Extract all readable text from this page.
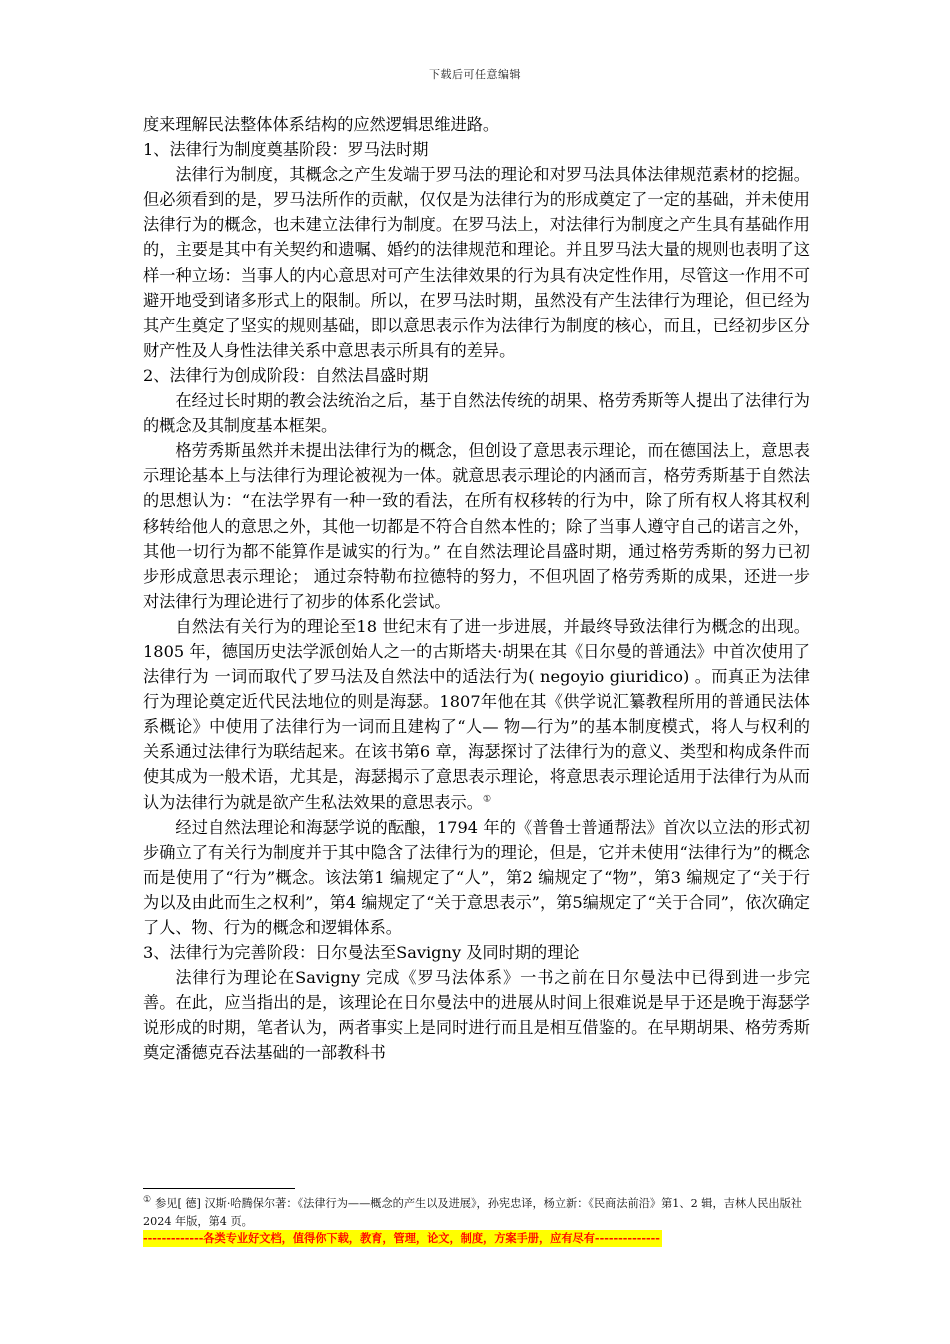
下载后可任意编辑

度来理解民法整体体系结构的应然逻辑思维进路。

1、法律行为制度奠基阶段：罗马法时期

法律行为制度，其概念之产生发端于罗马法的理论和对罗马法具体法律规范素材的挖掘。但必须看到的是，罗马法所作的贡献，仅仅是为法律行为的形成奠定了一定的基础，并未使用法律行为的概念，也未建立法律行为制度。在罗马法上，对法律行为制度之产生具有基础作用的，主要是其中有关契约和遗嘱、婚约的法律规范和理论。并且罗马法大量的规则也表明了这样一种立场：当事人的内心意思对可产生法律效果的行为具有决定性作用，尽管这一作用不可避开地受到诸多形式上的限制。所以，在罗马法时期，虽然没有产生法律行为理论，但已经为其产生奠定了坚实的规则基础，即以意思表示作为法律行为制度的核心，而且，已经初步区分财产性及人身性法律关系中意思表示所具有的差异。

2、法律行为创成阶段：自然法昌盛时期

在经过长时期的教会法统治之后，基于自然法传统的胡果、格劳秀斯等人提出了法律行为的概念及其制度基本框架。

格劳秀斯虽然并未提出法律行为的概念，但创设了意思表示理论，而在德国法上，意思表示理论基本上与法律行为理论被视为一体。就意思表示理论的内涵而言，格劳秀斯基于自然法的思想认为：“在法学界有一种一致的看法，在所有权移转的行为中，除了所有权人将其权利移转给他人的意思之外，其他一切都是不符合自然本性的；除了当事人遵守自己的诺言之外，其他一切行为都不能算作是诚实的行为。” 在自然法理论昌盛时期，通过格劳秀斯的努力已初步形成意思表示理论； 通过奈特勒布拉德特的努力，不但巩固了格劳秀斯的成果，还进一步对法律行为理论进行了初步的体系化尝试。

自然法有关行为的理论至18 世纪末有了进一步进展，并最终导致法律行为概念的出现。1805 年，德国历史法学派创始人之一的古斯塔夫·胡果在其《日尔曼的普通法》中首次使用了法律行为 一词而取代了罗马法及自然法中的适法行为( negoyio giuridico) 。而真正为法律行为理论奠定近代民法地位的则是海瑟。1807年他在其《供学说汇纂教程所用的普通民法体系概论》中使用了法律行为一词而且建构了“人— 物—行为”的基本制度模式，将人与权利的关系通过法律行为联结起来。在该书第6 章，海瑟探讨了法律行为的意义、类型和构成条件而使其成为一般术语，尤其是，海瑟揭示了意思表示理论，将意思表示理论适用于法律行为从而认为法律行为就是欲产生私法效果的意思表示。①

经过自然法理论和海瑟学说的酝酿，1794 年的《普鲁士普通帮法》首次以立法的形式初步确立了有关行为制度并于其中隐含了法律行为的理论，但是，它并未使用“法律行为”的概念而是使用了“行为”概念。该法第1 编规定了“人”，第2 编规定了“物”，第3 编规定了“关于行为以及由此而生之权利”，第4 编规定了“关于意思表示”，第5编规定了“关于合同”，依次确定了人、物、行为的概念和逻辑体系。

3、法律行为完善阶段：日尔曼法至Savigny 及同时期的理论

法律行为理论在Savigny 完成《罗马法体系》一书之前在日尔曼法中已得到进一步完善。在此，应当指出的是，该理论在日尔曼法中的进展从时间上很难说是早于还是晚于海瑟学说形成的时期，笔者认为，两者事实上是同时进行而且是相互借鉴的。在早期胡果、格劳秀斯奠定潘德克吞法基础的一部教科书

① 参见[ 德] 汉斯·哈腾保尔著：《法律行为——概念的产生以及进展》，孙宪忠译，杨立新：《民商法前沿》第1、2 辑，吉林人民出版社2024 年版，第4 页。
-------------各类专业好文档，值得你下载，教育，管理，论文，制度，方案手册，应有尽有--------------
